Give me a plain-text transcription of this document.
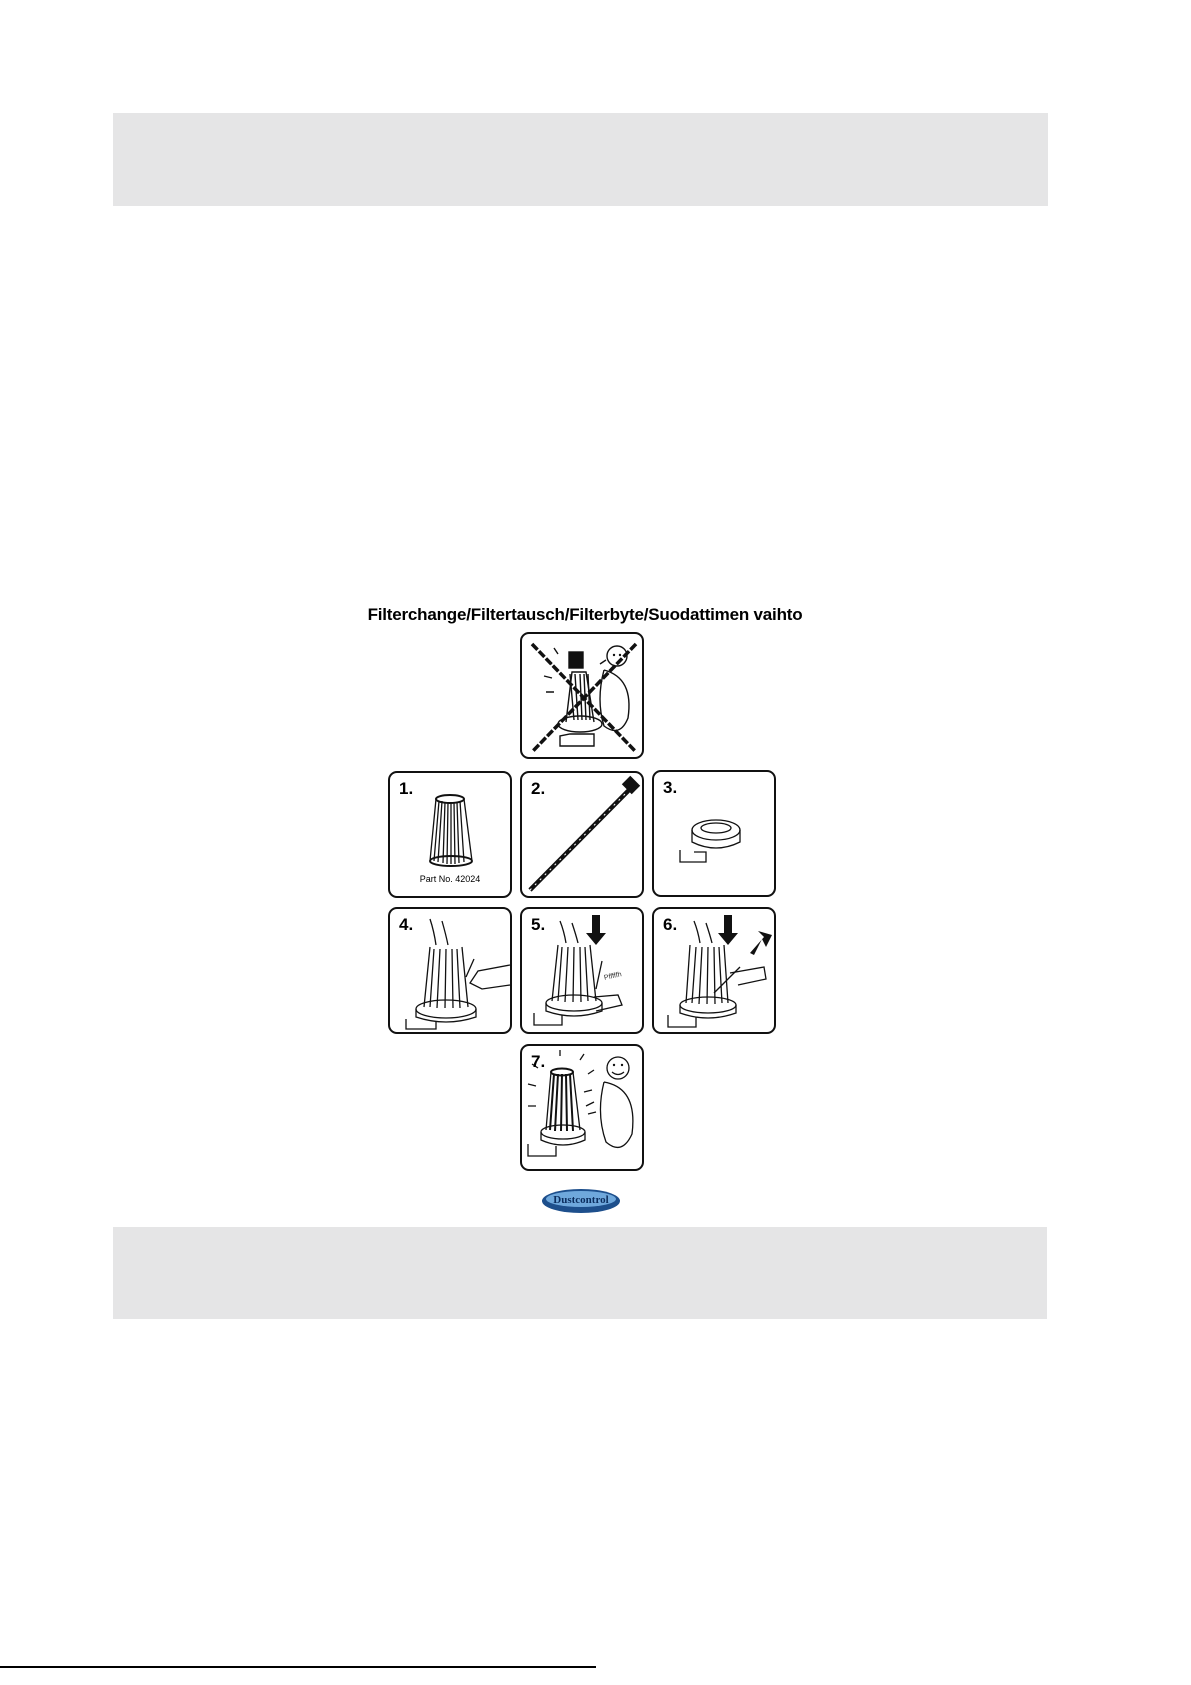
Filterchange/Filtertausch/Filterbyte/Suodattimen vaihto
1.
Part No. 42024
2.	3.
4.	5.
Pfffffh
6.
7.
Dustcontrol
